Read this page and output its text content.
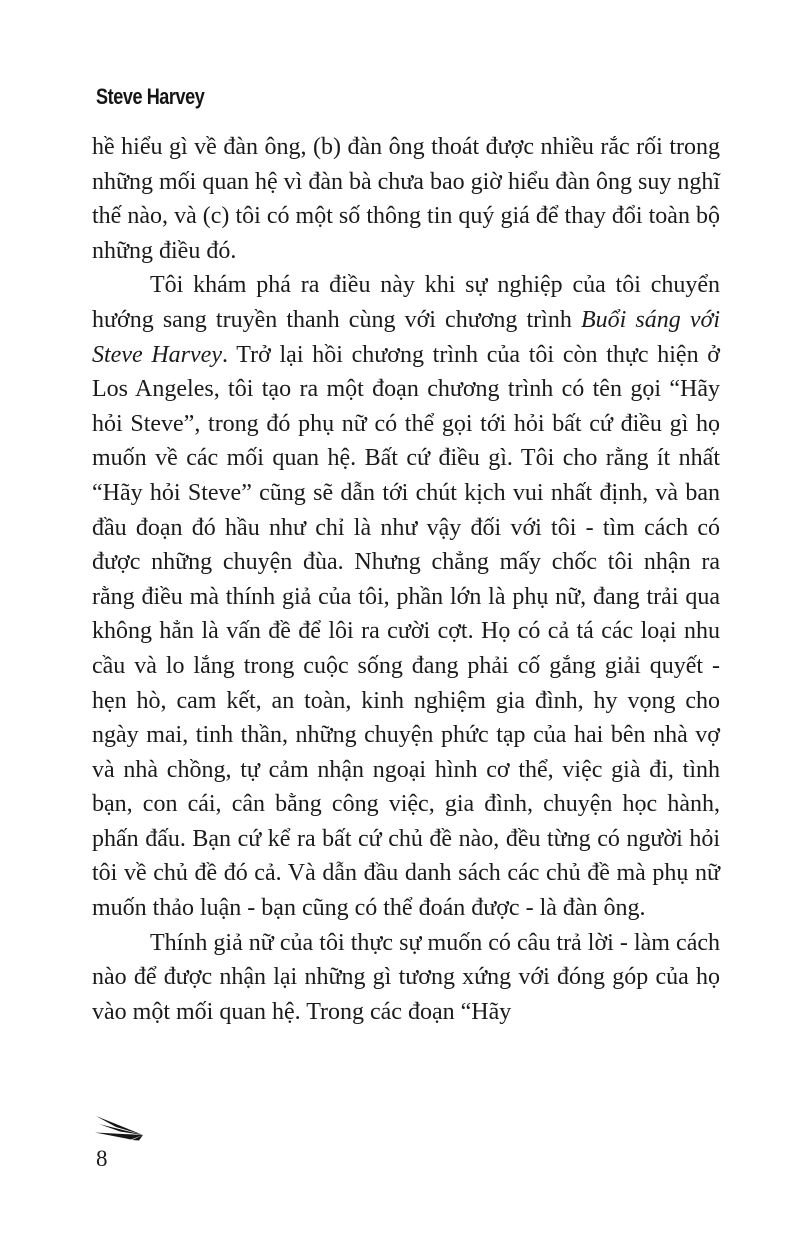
Steve Harvey

hề hiểu gì về đàn ông, (b) đàn ông thoát được nhiều rắc rối trong những mối quan hệ vì đàn bà chưa bao giờ hiểu đàn ông suy nghĩ thế nào, và (c) tôi có một số thông tin quý giá để thay đổi toàn bộ những điều đó.

Tôi khám phá ra điều này khi sự nghiệp của tôi chuyển hướng sang truyền thanh cùng với chương trình Buổi sáng với Steve Harvey. Trở lại hồi chương trình của tôi còn thực hiện ở Los Angeles, tôi tạo ra một đoạn chương trình có tên gọi “Hãy hỏi Steve”, trong đó phụ nữ có thể gọi tới hỏi bất cứ điều gì họ muốn về các mối quan hệ. Bất cứ điều gì. Tôi cho rằng ít nhất “Hãy hỏi Steve” cũng sẽ dẫn tới chút kịch vui nhất định, và ban đầu đoạn đó hầu như chỉ là như vậy đối với tôi - tìm cách có được những chuyện đùa. Nhưng chẳng mấy chốc tôi nhận ra rằng điều mà thính giả của tôi, phần lớn là phụ nữ, đang trải qua không hẳn là vấn đề để lôi ra cười cợt. Họ có cả tá các loại nhu cầu và lo lắng trong cuộc sống đang phải cố gắng giải quyết - hẹn hò, cam kết, an toàn, kinh nghiệm gia đình, hy vọng cho ngày mai, tinh thần, những chuyện phức tạp của hai bên nhà vợ và nhà chồng, tự cảm nhận ngoại hình cơ thể, việc già đi, tình bạn, con cái, cân bằng công việc, gia đình, chuyện học hành, phấn đấu. Bạn cứ kể ra bất cứ chủ đề nào, đều từng có người hỏi tôi về chủ đề đó cả. Và dẫn đầu danh sách các chủ đề mà phụ nữ muốn thảo luận - bạn cũng có thể đoán được - là đàn ông.

Thính giả nữ của tôi thực sự muốn có câu trả lời - làm cách nào để được nhận lại những gì tương xứng với đóng góp của họ vào một mối quan hệ. Trong các đoạn “Hãy

8
